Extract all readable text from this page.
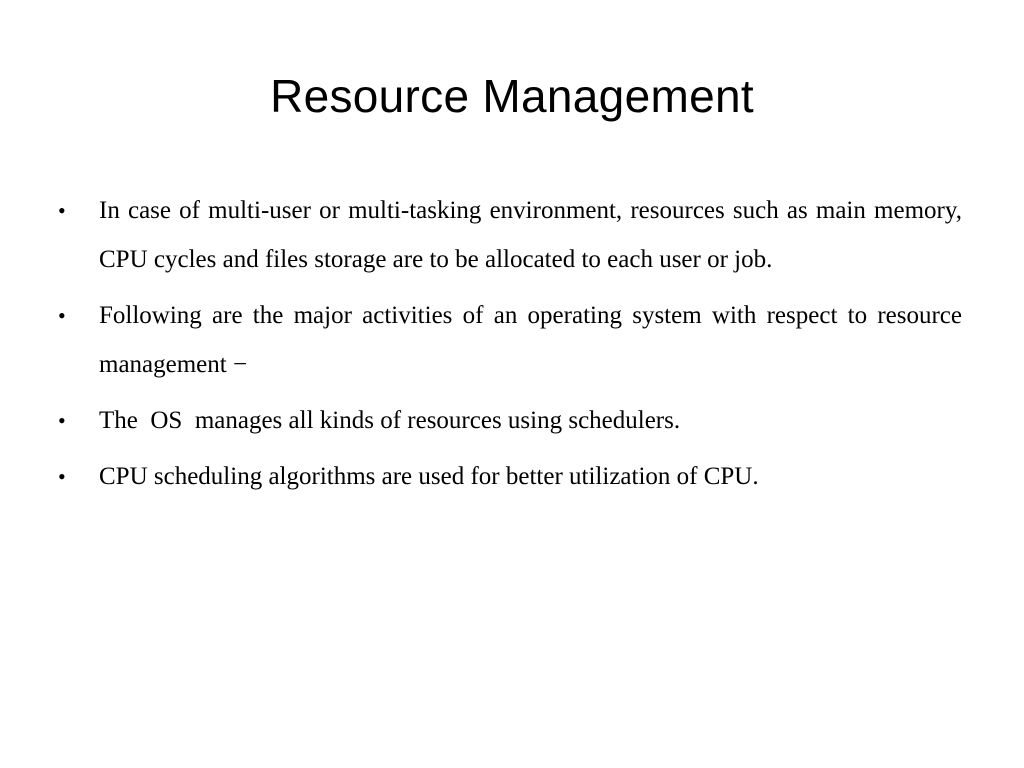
Resource Management
•	In case of multi-user or multi-tasking environment, resources such as main memory, CPU cycles and files storage are to be allocated to each user or job.
•	Following are the major activities of an operating system with respect to resource management −
•	The  OS  manages all kinds of resources using schedulers.
•	CPU scheduling algorithms are used for better utilization of CPU.
